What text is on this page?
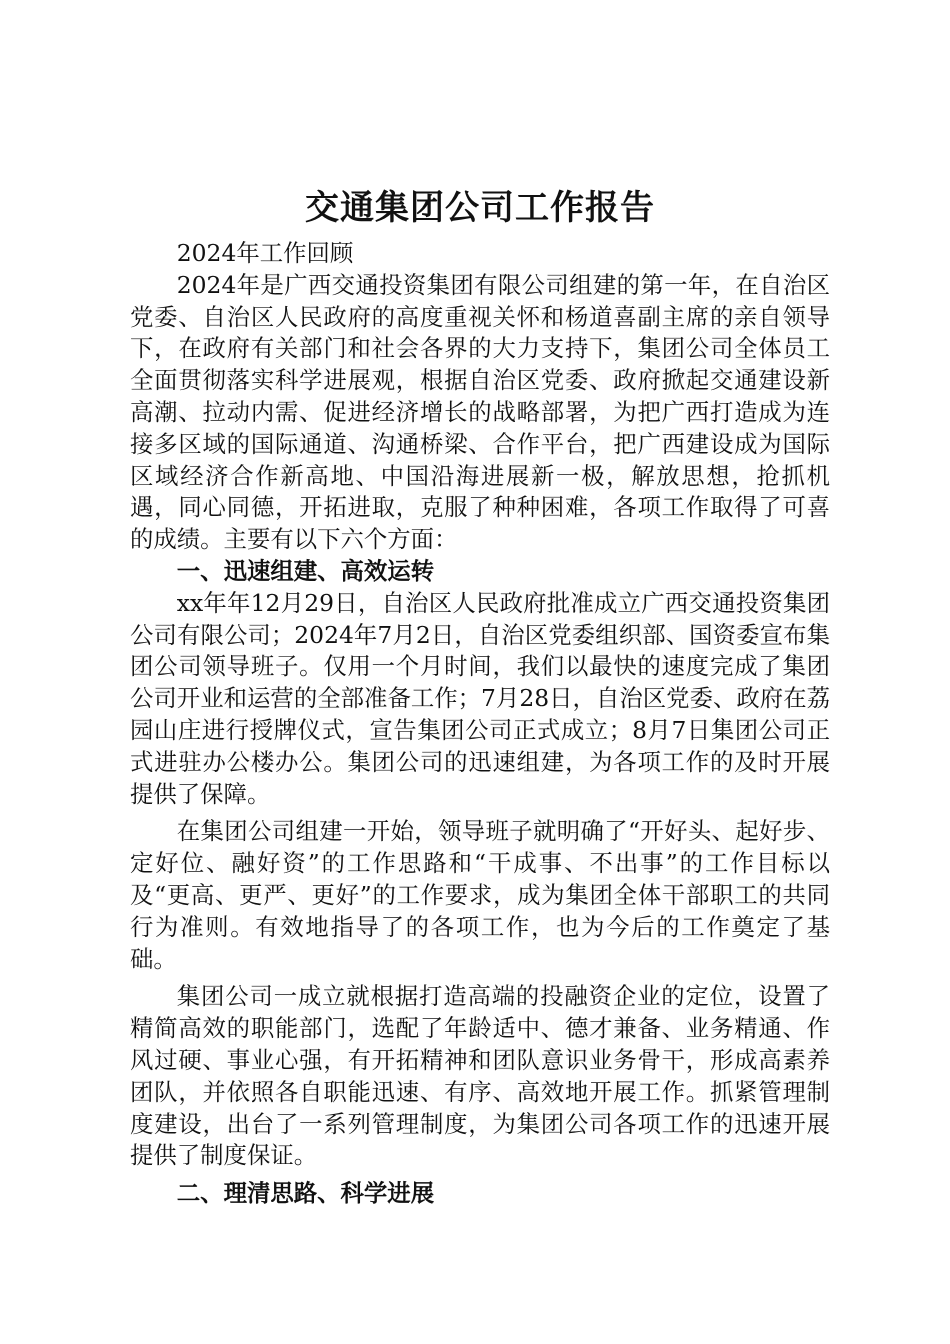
交通集团公司工作报告

2024年工作回顾

2024年是广西交通投资集团有限公司组建的第一年，在自治区党委、自治区人民政府的高度重视关怀和杨道喜副主席的亲自领导下，在政府有关部门和社会各界的大力支持下，集团公司全体员工全面贯彻落实科学进展观，根据自治区党委、政府掀起交通建设新高潮、拉动内需、促进经济增长的战略部署，为把广西打造成为连接多区域的国际通道、沟通桥梁、合作平台，把广西建设成为国际区域经济合作新高地、中国沿海进展新一极，解放思想，抢抓机遇，同心同德，开拓进取，克服了种种困难，各项工作取得了可喜的成绩。主要有以下六个方面：

一、迅速组建、高效运转

xx年年12月29日，自治区人民政府批准成立广西交通投资集团公司有限公司；2024年7月2日，自治区党委组织部、国资委宣布集团公司领导班子。仅用一个月时间，我们以最快的速度完成了集团公司开业和运营的全部准备工作；7月28日，自治区党委、政府在荔园山庄进行授牌仪式，宣告集团公司正式成立；8月7日集团公司正式进驻办公楼办公。集团公司的迅速组建，为各项工作的及时开展提供了保障。

在集团公司组建一开始，领导班子就明确了“开好头、起好步、定好位、融好资”的工作思路和“干成事、不出事”的工作目标以及“更高、更严、更好”的工作要求，成为集团全体干部职工的共同行为准则。有效地指导了的各项工作，也为今后的工作奠定了基础。

集团公司一成立就根据打造高端的投融资企业的定位，设置了精简高效的职能部门，选配了年龄适中、德才兼备、业务精通、作风过硬、事业心强，有开拓精神和团队意识业务骨干，形成高素养团队，并依照各自职能迅速、有序、高效地开展工作。抓紧管理制度建设，出台了一系列管理制度，为集团公司各项工作的迅速开展提供了制度保证。

二、理清思路、科学进展
